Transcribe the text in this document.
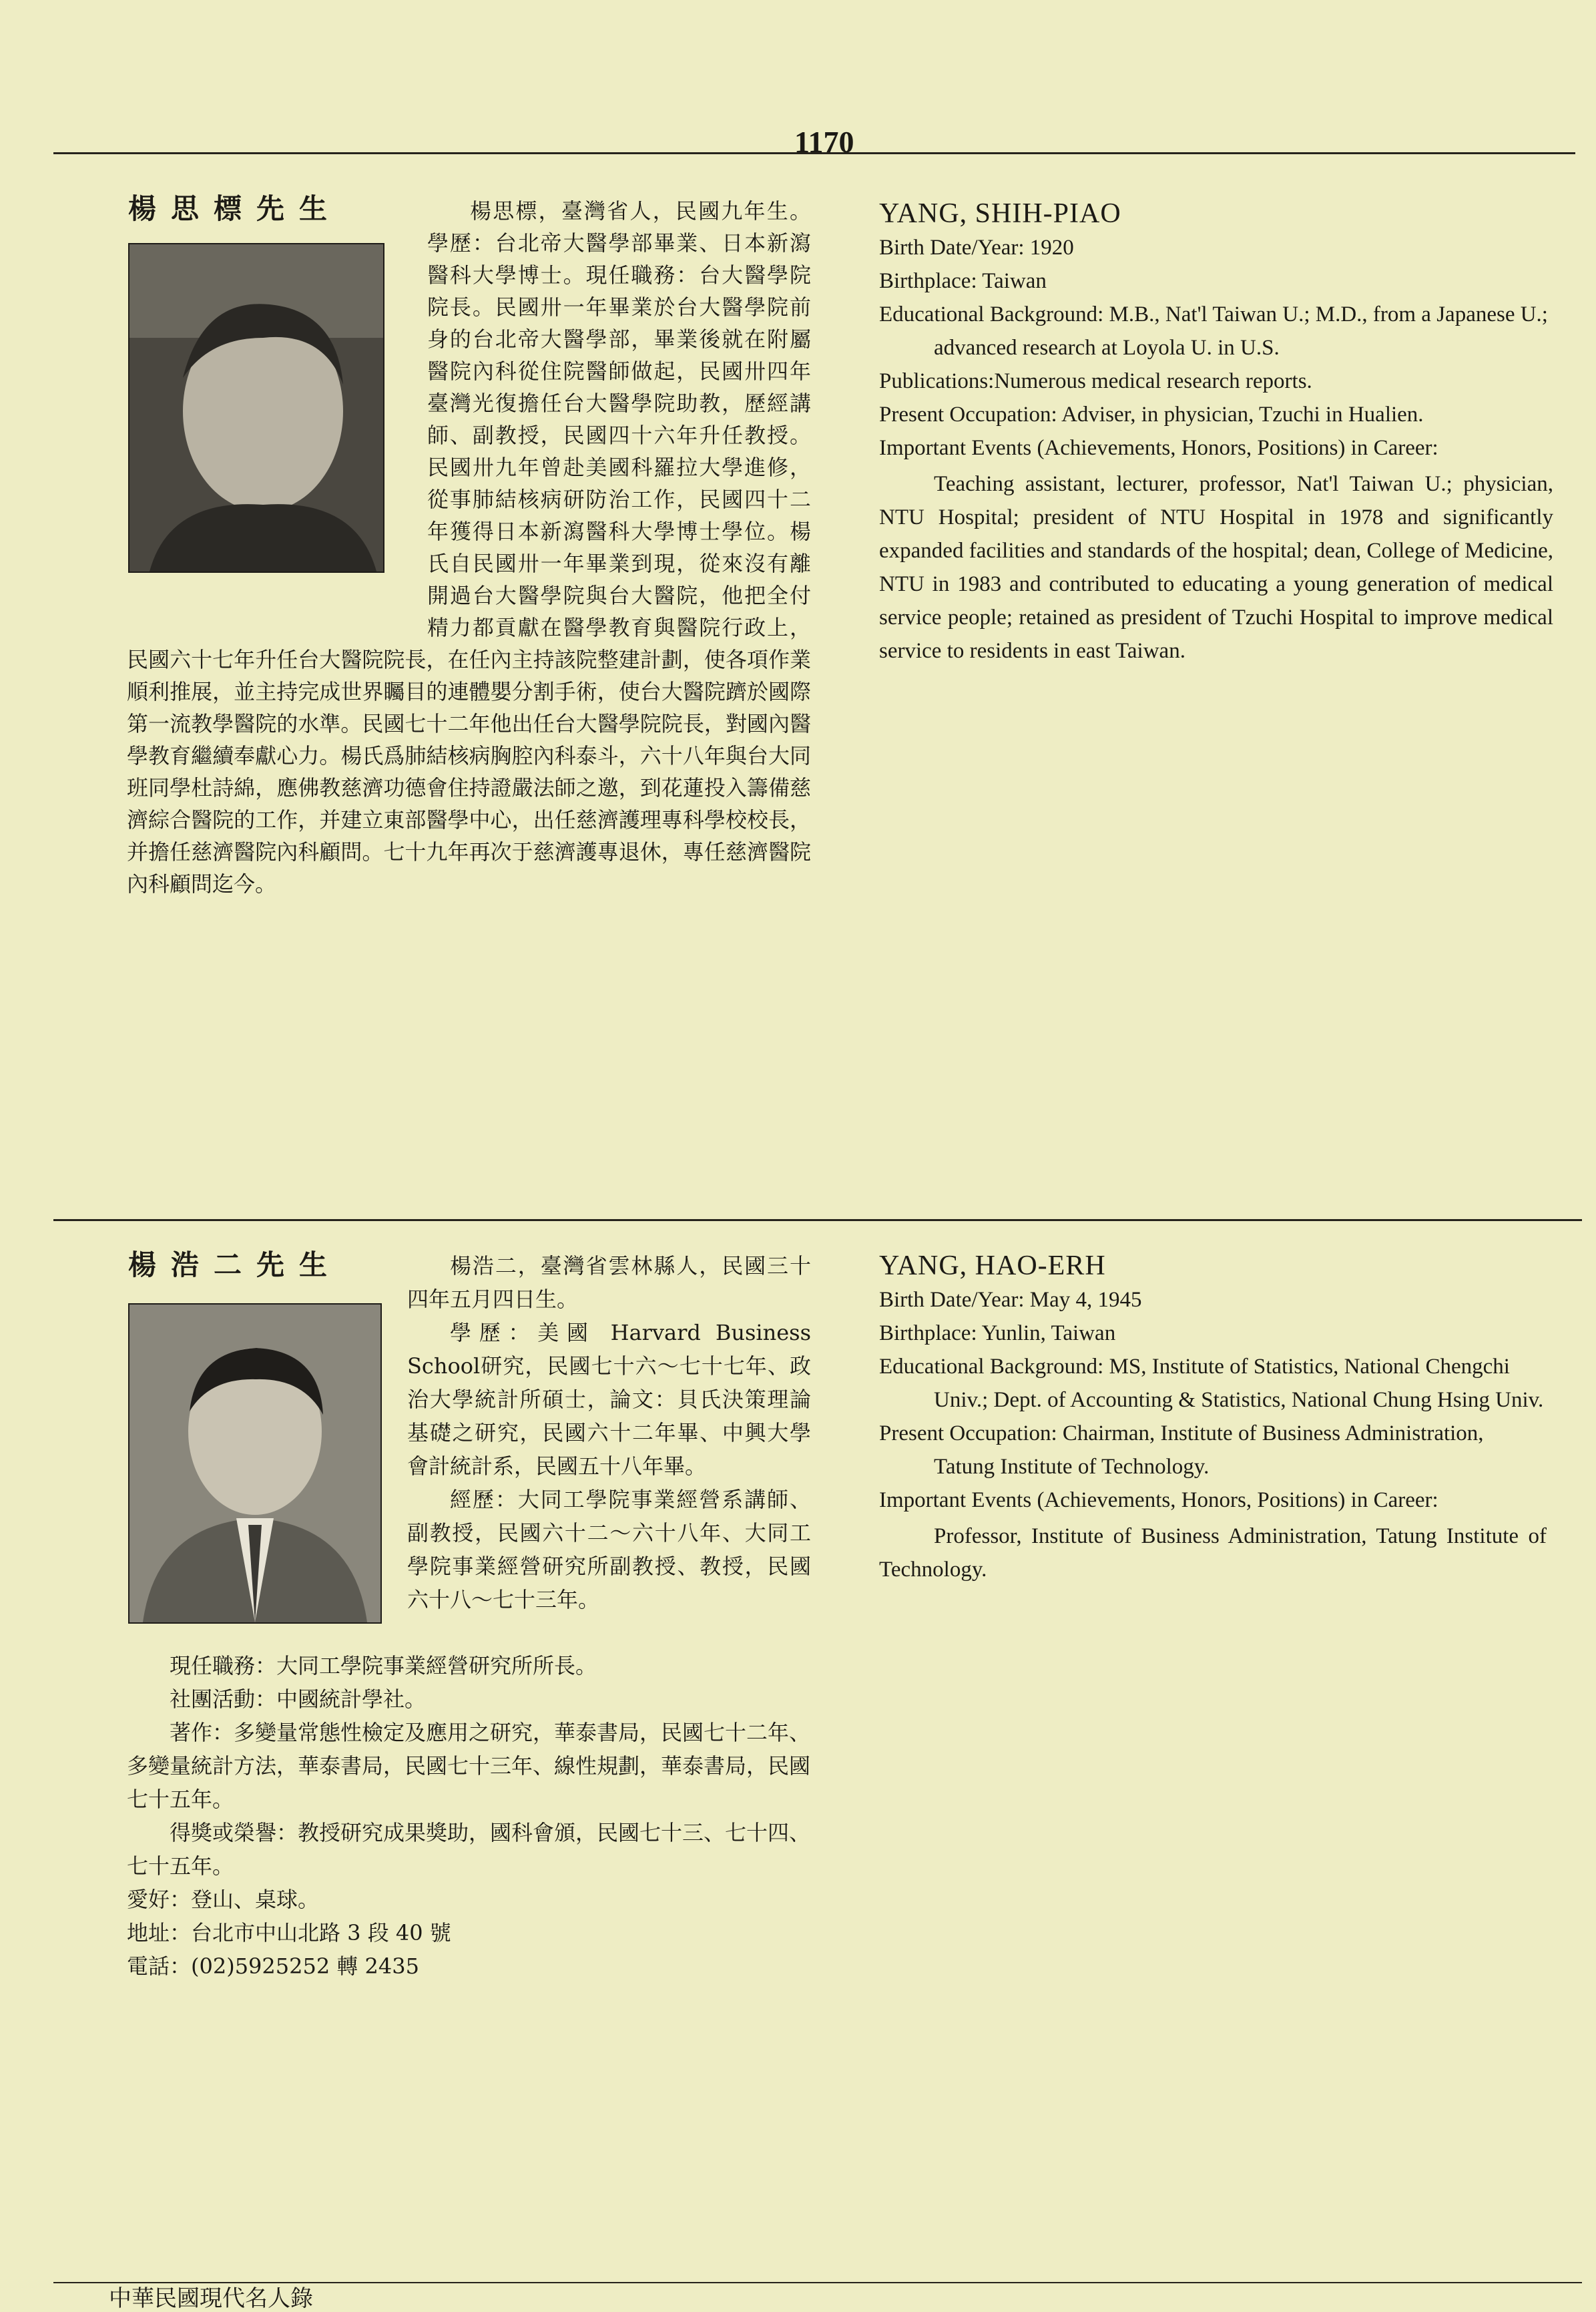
1170
楊思標先生	楊思標，臺灣省人，民國九年生。學歷：台北帝大醫學部畢業、日本新瀉醫科大學博士。現任職務：台大醫學院院長。民國卅一年畢業於台大醫學院前身的台北帝大醫學部，畢業後就在附屬醫院內科從住院醫師做起，民國卅四年臺灣光復擔任台大醫學院助教，歷經講師、副教授，民國四十六年升任教授。民國卅九年曾赴美國科羅拉大學進修，從事肺結核病研防治工作，民國四十二年獲得日本新瀉醫科大學博士學位。楊氏自民國卅一年畢業到現，從來沒有離開過台大醫學院與台大醫院，他把全付精力都貢獻在醫學教育與醫院行政上，民國六十七年升任台大醫院院長，在任內主持該院整建計劃，使各項作業順利推展，並主持完成世界矚目的連體嬰分割手術，使台大醫院躋於國際第一流教學醫院的水準。民國七十二年他出任台大醫學院院長，對國內醫學教育繼續奉獻心力。楊氏爲肺結核病胸腔內科泰斗，六十八年與台大同班同學杜詩綿，應佛教慈濟功德會住持證嚴法師之邀，到花蓮投入籌備慈濟綜合醫院的工作，并建立東部醫學中心，出任慈濟護理專科學校校長，并擔任慈濟醫院內科顧問。七十九年再次于慈濟護專退休，專任慈濟醫院內科顧問迄今。

YANG, SHIH-PIAO

Birth Date/Year: 1920

Birthplace: Taiwan

Educational Background: M.B., Nat'l Taiwan U.; M.D., from a Japanese U.; advanced research at Loyola U. in U.S.

Publications:Numerous medical research reports.

Present Occupation: Adviser, in physician, Tzuchi in Hualien.

Important Events (Achievements, Honors, Positions) in Career:

Teaching assistant, lecturer, professor, Nat'l Taiwan U.; physician, NTU Hospital; president of NTU Hospital in 1978 and significantly expanded facilities and standards of the hospital; dean, College of Medicine, NTU in 1983 and contributed to educating a young generation of medical service people; retained as president of Tzuchi Hospital to improve medical service to residents in east Taiwan.

楊浩二先生	楊浩二，臺灣省雲林縣人，民國三十四年五月四日生。

學歷：美國 Harvard Business School研究，民國七十六～七十七年、政治大學統計所碩士，論文：貝氏決策理論基礎之研究，民國六十二年畢、中興大學會計統計系，民國五十八年畢。

經歷：大同工學院事業經營系講師、副教授，民國六十二～六十八年、大同工學院事業經營研究所副教授、教授，民國六十八～七十三年。

現任職務：大同工學院事業經營研究所所長。

社團活動：中國統計學社。

著作：多變量常態性檢定及應用之研究，華泰書局，民國七十二年、多變量統計方法，華泰書局，民國七十三年、線性規劃，華泰書局，民國七十五年。

得獎或榮譽：教授研究成果獎助，國科會頒，民國七十三、七十四、七十五年。

愛好：登山、桌球。

地址：台北市中山北路 3 段 40 號

電話：(02)5925252 轉 2435

YANG, HAO-ERH

Birth Date/Year: May 4, 1945

Birthplace: Yunlin, Taiwan

Educational Background: MS, Institute of Statistics, National Chengchi Univ.; Dept. of Accounting & Statistics, National Chung Hsing Univ.

Present Occupation: Chairman, Institute of Business Administration, Tatung Institute of Technology.

Important Events (Achievements, Honors, Positions) in Career:

Professor, Institute of Business Administration, Tatung Institute of Technology.

中華民國現代名人錄
